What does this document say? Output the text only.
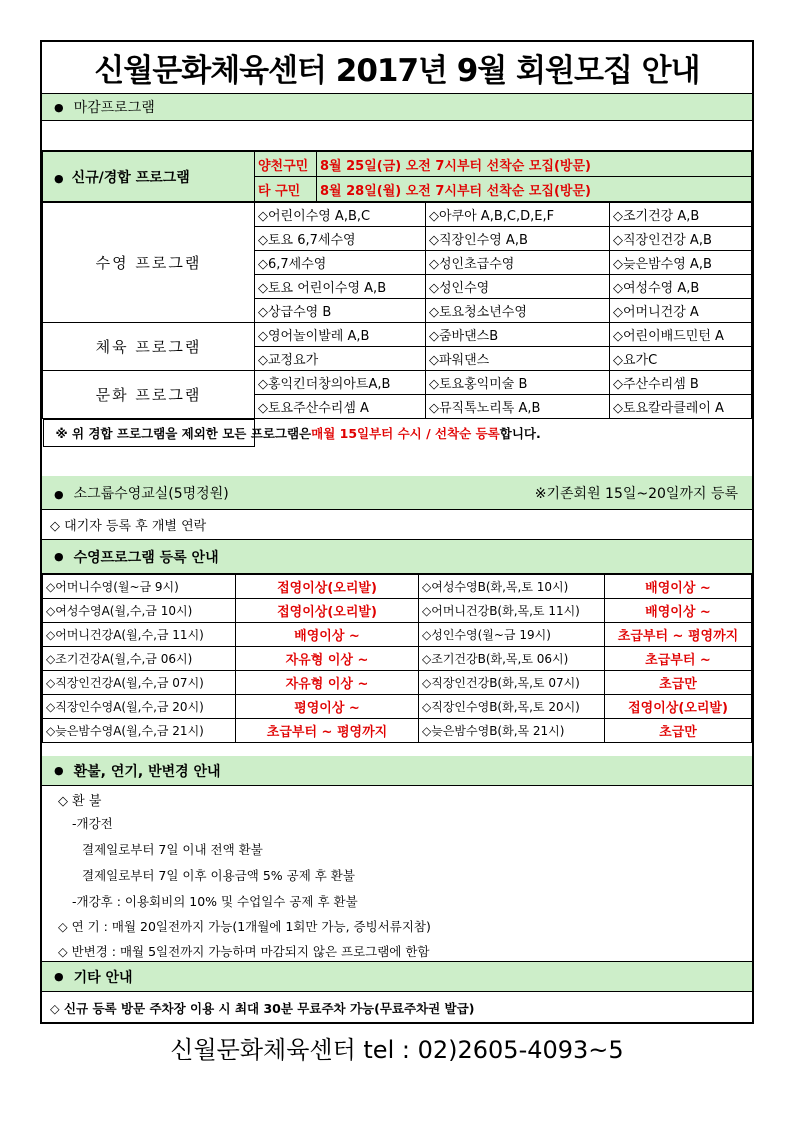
신월문화체육센터 2017년 9월 회원모집 안내
● 마감프로그램
● 신규/경합 프로그램	양천구민	8월 25일(금) 오전 7시부터 선착순 모집(방문)
	타 구민	8월 28일(월) 오전 7시부터 선착순 모집(방문)
수영 프로그램	◇어린이수영 A,B,C	◇아쿠아 A,B,C,D,E,F	◇조기건강 A,B
	◇토요 6,7세수영	◇직장인수영 A,B	◇직장인건강 A,B
	◇6,7세수영	◇성인초급수영	◇늦은밤수영 A,B
	◇토요 어린이수영 A,B	◇성인수영	◇여성수영 A,B
	◇상급수영 B	◇토요청소년수영	◇어머니건강 A
체육 프로그램	◇영어놀이발레 A,B	◇줌바댄스B	◇어린이배드민턴 A
	◇교정요가	◇파워댄스	◇요가C
문화 프로그램	◇홍익킨더창의아트A,B	◇토요홍익미술 B	◇주산수리셈 B
	◇토요주산수리셈 A	◇뮤직톡노리톡 A,B	◇토요칼라클레이 A

※ 위 경합 프로그램을 제외한 모든 프로그램은 매월 15일부터 수시 / 선착순 등록 합니다.
● 소그룹수영교실(5명정원)	※기존회원 15일~20일까지 등록
◇ 대기자 등록 후 개별 연락
● 수영프로그램 등록 안내
◇어머니수영(월~금 9시)	접영이상(오리발)	◇여성수영B(화,목,토 10시)	배영이상 ~
◇여성수영A(월,수,금 10시)	접영이상(오리발)	◇어머니건강B(화,목,토 11시)	배영이상 ~
◇어머니건강A(월,수,금 11시)	배영이상 ~	◇성인수영(월~금 19시)	초급부터 ~ 평영까지
◇조기건강A(월,수,금 06시)	자유형 이상 ~	◇조기건강B(화,목,토 06시)	초급부터 ~
◇직장인건강A(월,수,금 07시)	자유형 이상 ~	◇직장인건강B(화,목,토 07시)	초급만
◇직장인수영A(월,수,금 20시)	평영이상 ~	◇직장인수영B(화,목,토 20시)	접영이상(오리발)
◇늦은밤수영A(월,수,금 21시)	초급부터 ~ 평영까지	◇늦은밤수영B(화,목 21시)	초급만
● 환불, 연기, 반변경 안내
◇ 환 불
-개강전
결제일로부터 7일 이내 전액 환불
결제일로부터 7일 이후 이용금액 5% 공제 후 환불
-개강후 : 이용회비의 10% 및 수업일수 공제 후 환불
◇ 연 기 : 매월 20일전까지 가능(1개월에 1회만 가능, 증빙서류지참)
◇ 반변경 : 매월 5일전까지 가능하며 마감되지 않은 프로그램에 한함
● 기타 안내
◇ 신규 등록 방문 주차장 이용 시 최대 30분 무료주차 가능(무료주차권 발급)
신월문화체육센터 tel : 02)2605-4093~5
